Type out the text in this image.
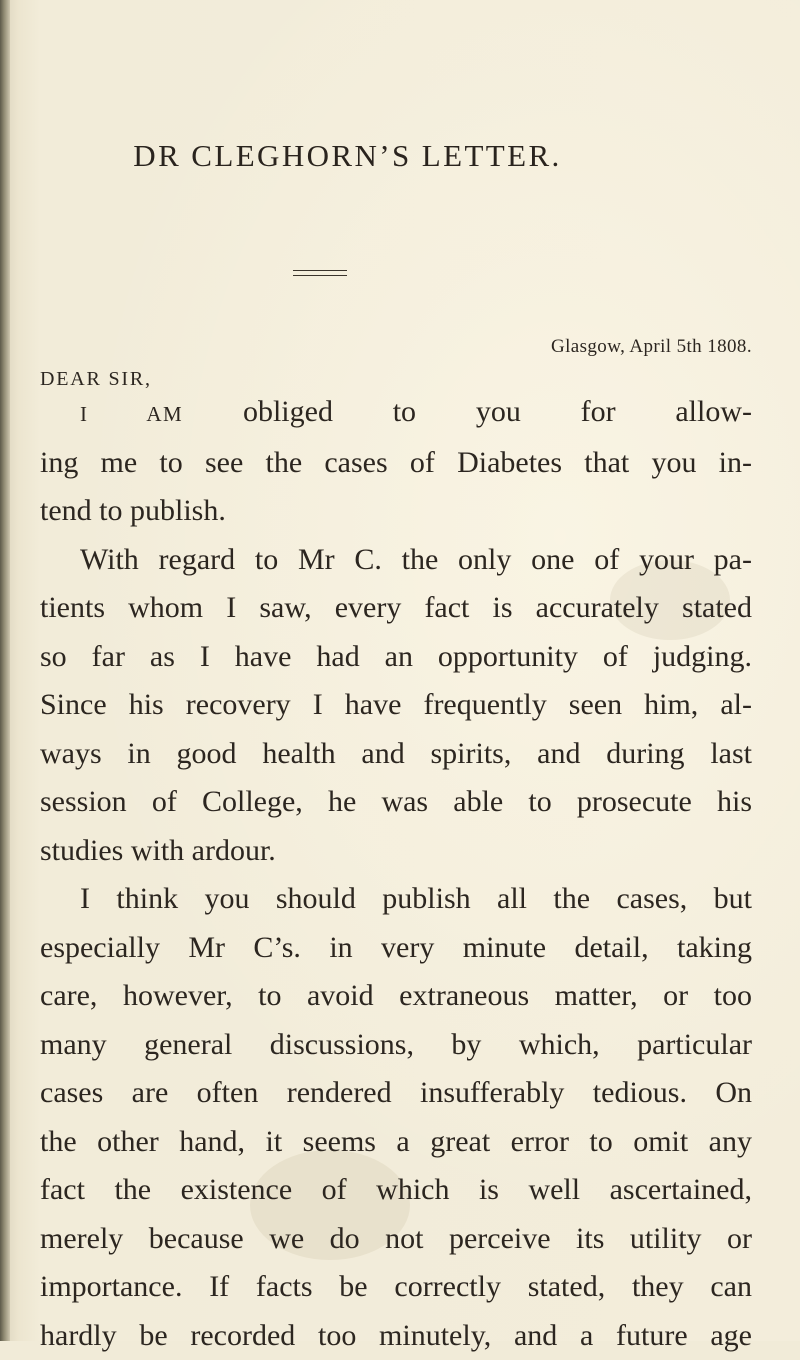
DR CLEGHORN’S LETTER.
Glasgow, April 5th 1808.
DEAR SIR,
I AM obliged to you for allow-
ing me to see the cases of Diabetes that you in-
tend to publish.
With regard to Mr C. the only one of your pa-
tients whom I saw, every fact is accurately stated
so far as I have had an opportunity of judging.
Since his recovery I have frequently seen him, al-
ways in good health and spirits, and during last
session of College, he was able to prosecute his
studies with ardour.
I think you should publish all the cases, but
especially Mr C’s. in very minute detail, taking
care, however, to avoid extraneous matter, or too
many general discussions, by which, particular
cases are often rendered insufferably tedious. On
the other hand, it seems a great error to omit any
fact the existence of which is well ascertained,
merely because we do not perceive its utility or
importance. If facts be correctly stated, they can
hardly be recorded too minutely, and a future age
